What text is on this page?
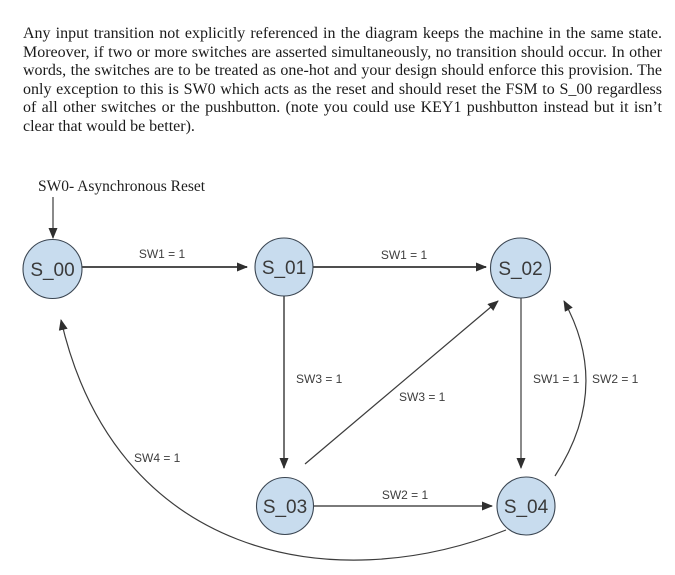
Any input transition not explicitly referenced in the diagram keeps the machine in the same state. Moreover, if two or more switches are asserted simultaneously, no transition should occur. In other words, the switches are to be treated as one-hot and your design should enforce this provision. The only exception to this is SW0 which acts as the reset and should reset the FSM to S_00 regardless of all other switches or the pushbutton. (note you could use KEY1 pushbutton instead but it isn’t clear that would be better).

SW0- Asynchronous Reset
SW1 = 1	SW1 = 1
SW3 = 1
SW3 = 1
SW1 = 1 SW2 = 1
SW2 = 1
SW4 = 1
S_00	S_01	S_02
S_03	S_04
